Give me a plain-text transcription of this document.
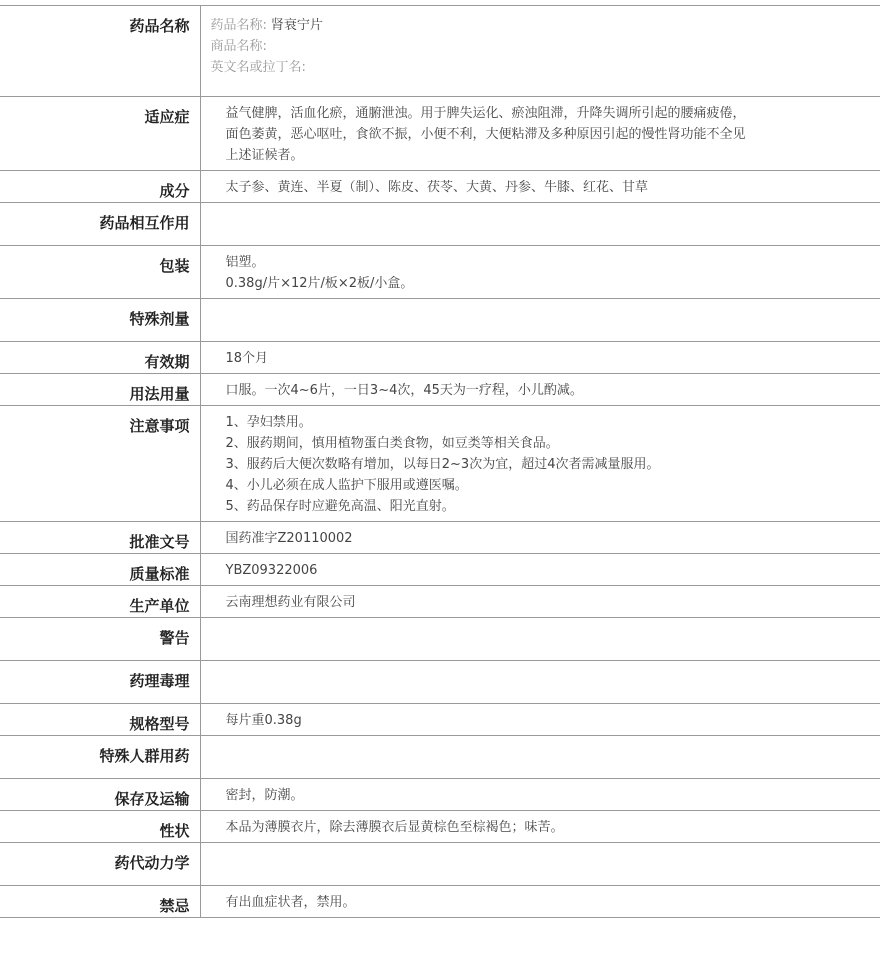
药品名称	药品名称: 肾衰宁片
商品名称:
英文名或拉丁名:

适应症	益气健脾，活血化瘀，通腑泄浊。用于脾失运化、瘀浊阻滞，升降失调所引起的腰痛疲倦，
面色萎黄，恶心呕吐，食欲不振，小便不利，大便粘滞及多种原因引起的慢性肾功能不全见
上述证候者。

成分	太子参、黄连、半夏（制）、陈皮、茯苓、大黄、丹参、牛膝、红花、甘草

药品相互作用	
包装	铝塑。
0.38g/片×12片/板×2板/小盒。

特殊剂量	
有效期	18个月

用法用量	口服。一次4~6片，一日3~4次，45天为一疗程，小儿酌减。

注意事项	1、孕妇禁用。
2、服药期间，慎用植物蛋白类食物，如豆类等相关食品。
3、服药后大便次数略有增加，以每日2~3次为宜，超过4次者需减量服用。
4、小儿必须在成人监护下服用或遵医嘱。
5、药品保存时应避免高温、阳光直射。

批准文号	国药准字Z20110002

质量标准	YBZ09322006

生产单位	云南理想药业有限公司

警告	
药理毒理	
规格型号	每片重0.38g

特殊人群用药	
保存及运输	密封，防潮。

性状	本品为薄膜衣片，除去薄膜衣后显黄棕色至棕褐色；味苦。

药代动力学	
禁忌	有出血症状者，禁用。
